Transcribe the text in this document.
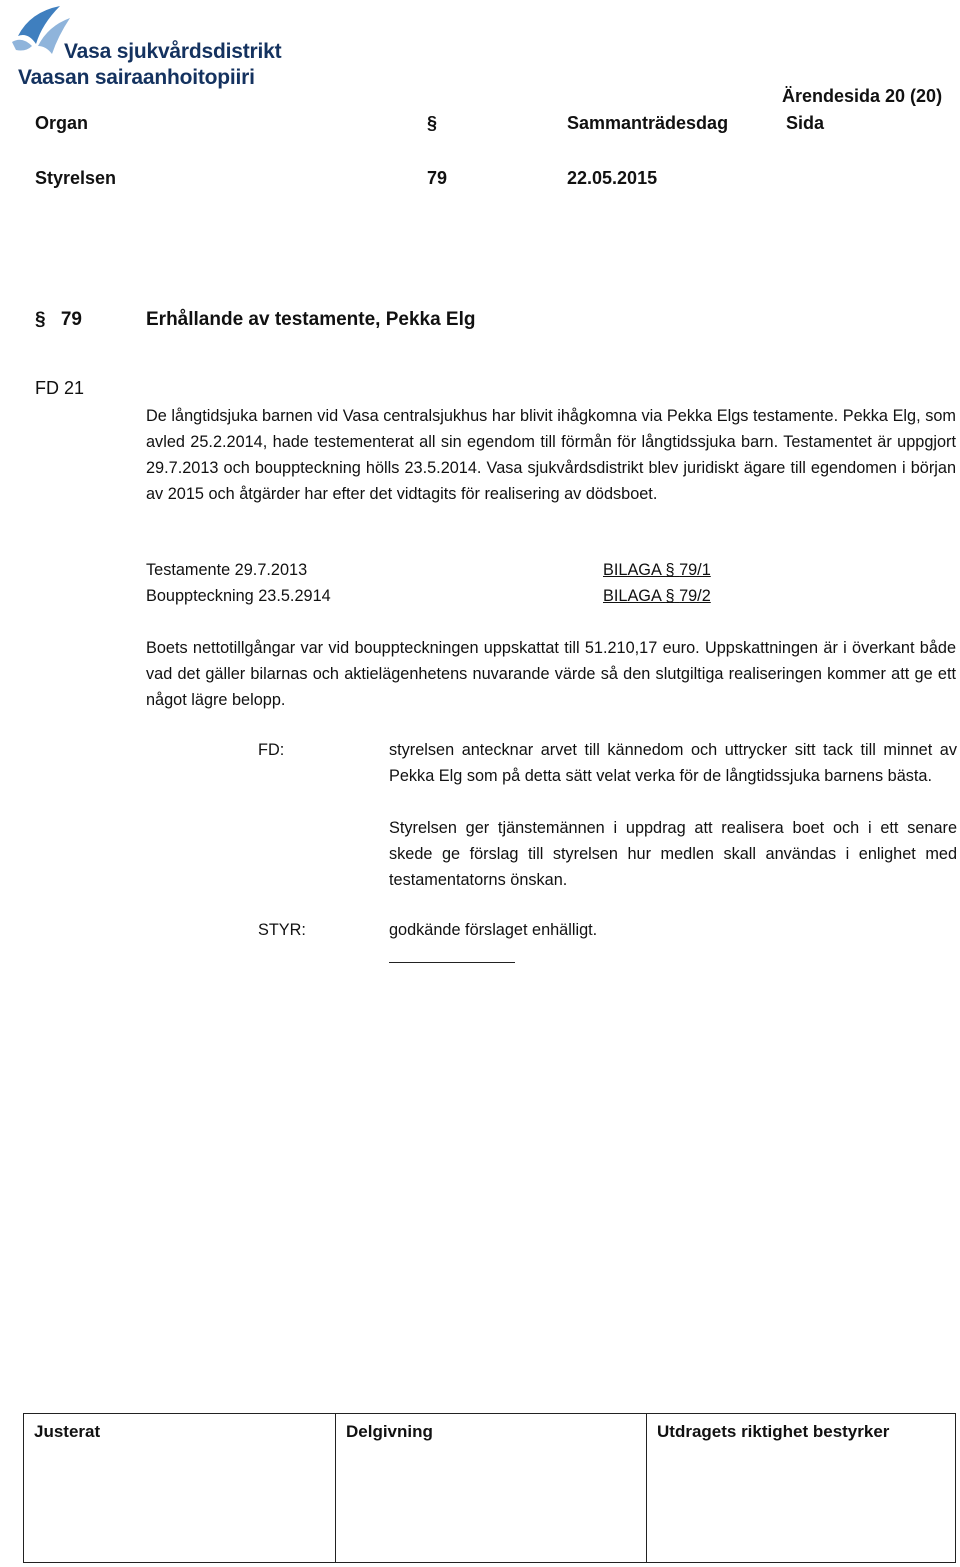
Vasa sjukvårdsdistrikt
Vaasan sairaanhoitopiiri
Ärendesida 20 (20)
Organ	§	Sammanträdesdag	Sida
Styrelsen	79	22.05.2015
§ 79	Erhållande av testamente, Pekka Elg
FD 21
De långtidsjuka barnen vid Vasa centralsjukhus har blivit ihågkomna via Pekka Elgs testamente. Pekka Elg, som avled 25.2.2014, hade testementerat all sin egendom till förmån för långtidssjuka barn. Testamentet är uppgjort 29.7.2013 och bouppteckning hölls 23.5.2014. Vasa sjukvårdsdistrikt blev juridiskt ägare till egendomen i början av 2015 och åtgärder har efter det vidtagits för realisering av dödsboet.
Testamente 29.7.2013	BILAGA § 79/1
Bouppteckning 23.5.2914	BILAGA § 79/2
Boets nettotillgångar var vid bouppteckningen uppskattat till 51.210,17 euro. Uppskattningen är i överkant både vad det gäller bilarnas och aktielägenhetens nuvarande värde så den slutgiltiga realiseringen kommer att ge ett något lägre belopp.
FD:	styrelsen antecknar arvet till kännedom och uttrycker sitt tack till minnet av Pekka Elg som på detta sätt velat verka för de långtidssjuka barnens bästa.
Styrelsen ger tjänstemännen i uppdrag att realisera boet och i ett senare skede ge förslag till styrelsen hur medlen skall användas i enlighet med testamentatorns önskan.
STYR:	godkände förslaget enhälligt.
Justerat	Delgivning	Utdragets riktighet bestyrker
